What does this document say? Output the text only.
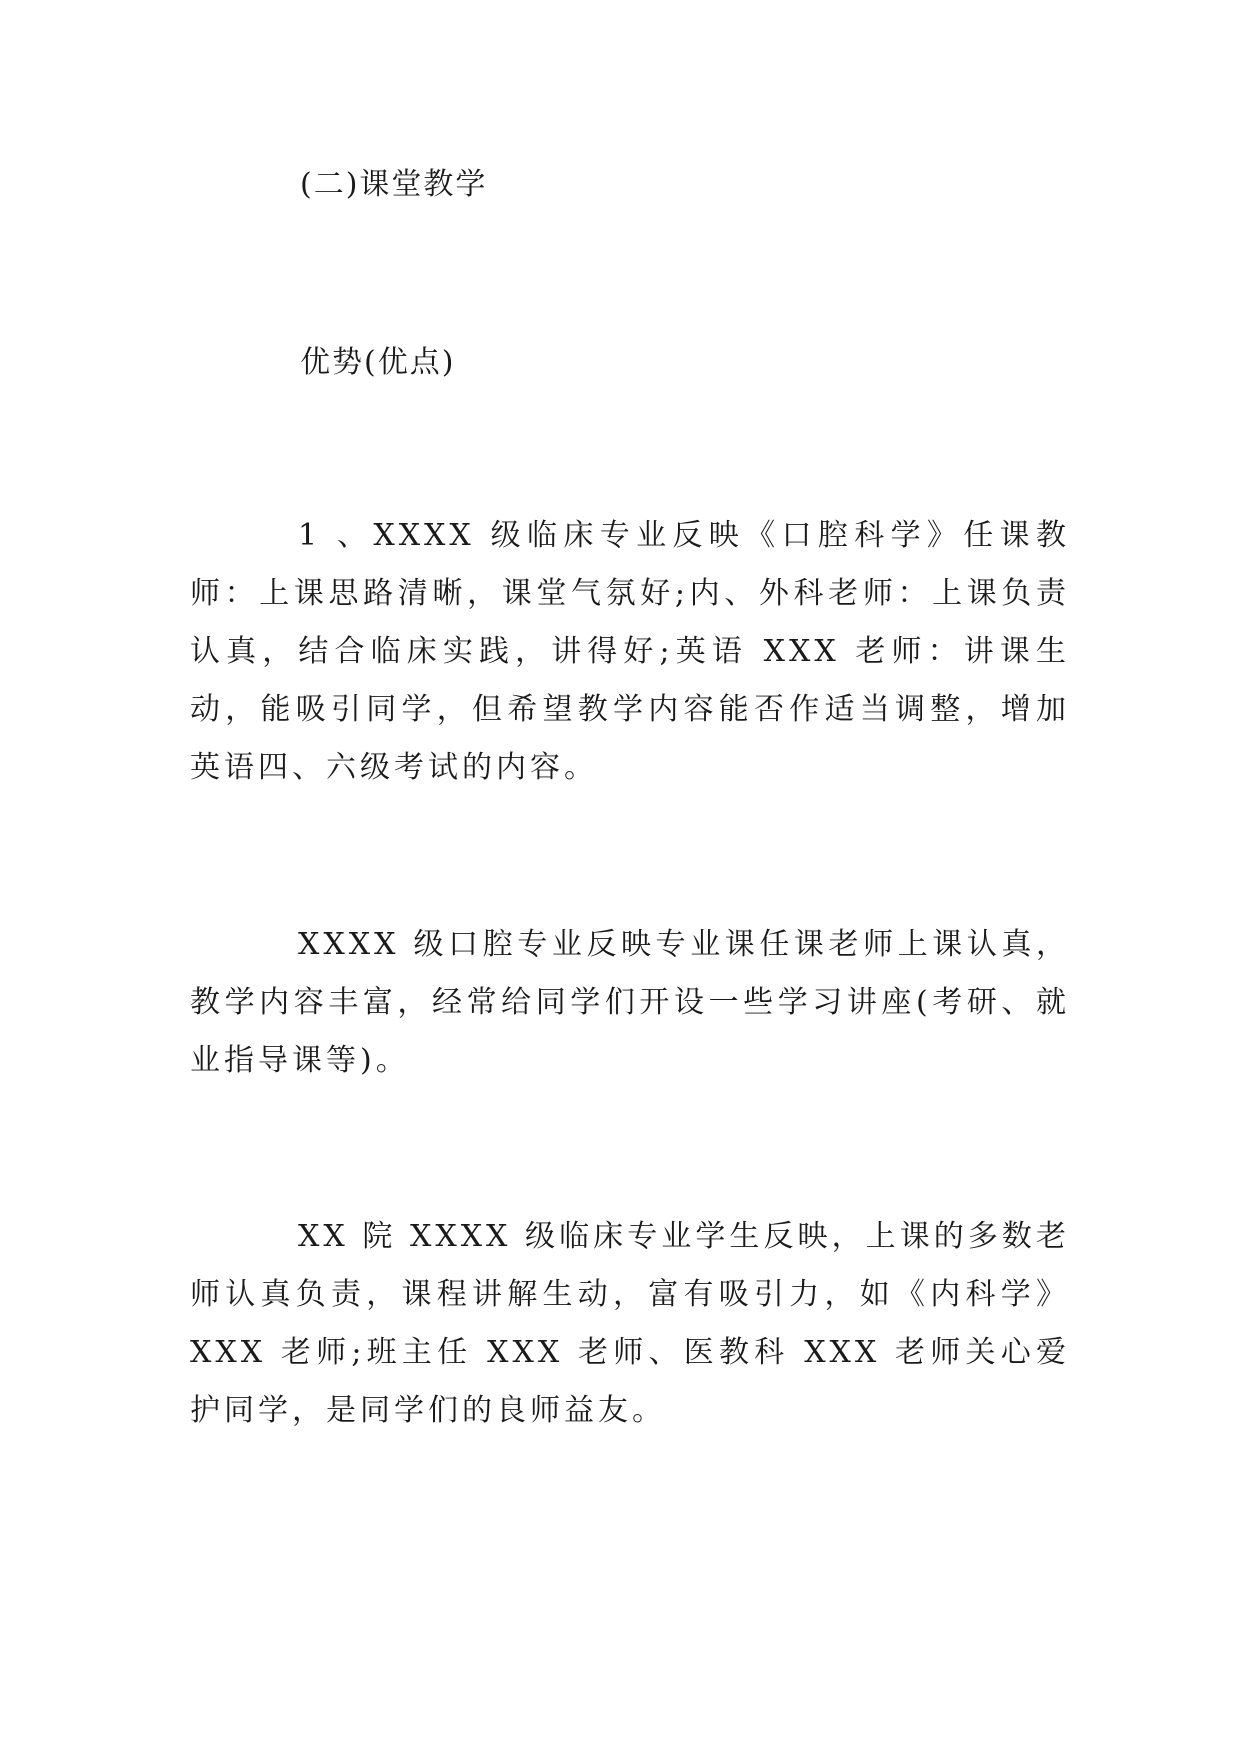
(二)课堂教学
优势(优点)

1 、XXXX 级临床专业反映《口腔科学》任课教师：上课思路清晰，课堂气氛好;内、外科老师：上课负责认真，结合临床实践，讲得好;英语 XXX 老师：讲课生动，能吸引同学，但希望教学内容能否作适当调整，增加英语四、六级考试的内容。

XXXX 级口腔专业反映专业课任课老师上课认真，教学内容丰富，经常给同学们开设一些学习讲座(考研、就业指导课等)。

XX 院 XXXX 级临床专业学生反映，上课的多数老师认真负责，课程讲解生动，富有吸引力，如《内科学》XXX 老师;班主任 XXX 老师、医教科 XXX 老师关心爱护同学，是同学们的良师益友。
